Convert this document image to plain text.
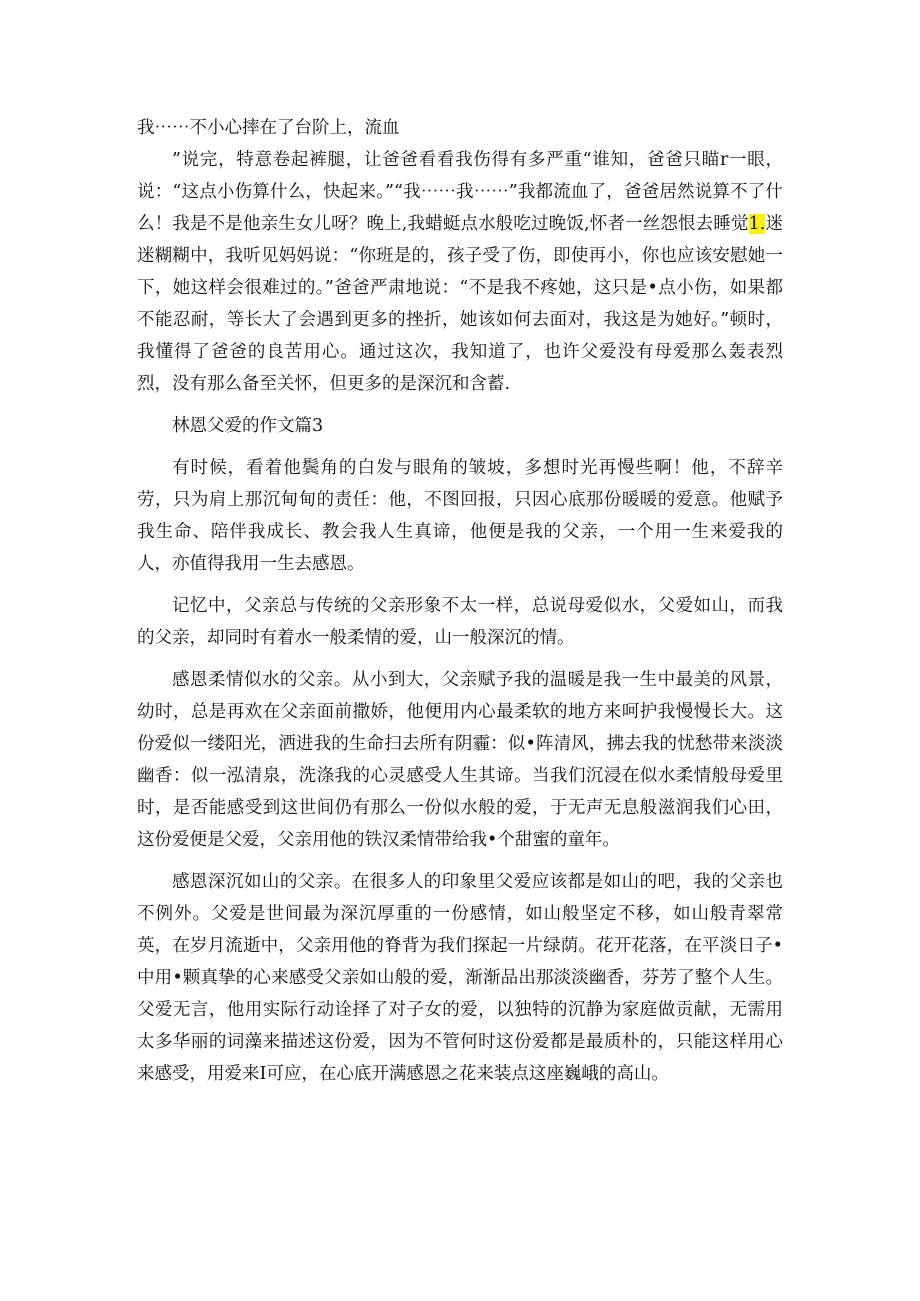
我⋯⋯不小心摔在了台阶上，流血

”说完，特意卷起裤腿，让爸爸看看我伤得有多严重“谁知，爸爸只瞄r一眼，说：“这点小伤算什么，快起来。”“我⋯⋯我⋯⋯”我都流血了，爸爸居然说算不了什么！我是不是他亲生女儿呀？晚上,我蜡蜓点水般吃过晚饭,怀者一丝怨恨去睡觉1.迷迷糊糊中，我听见妈妈说：“你班是的，孩子受了伤，即使再小，你也应该安慰她一下，她这样会很难过的。”爸爸严肃地说：“不是我不疼她，这只是•点小伤，如果都不能忍耐，等长大了会遇到更多的挫折，她该如何去面对，我这是为她好。”顿时，我懂得了爸爸的良苦用心。通过这次，我知道了，也许父爱没有母爱那么轰表烈烈，没有那么备至关怀，但更多的是深沉和含蓄.

林恩父爱的作文篇3

有时候，看着他鬓角的白发与眼角的皱坡，多想时光再慢些啊！他，不辞辛劳，只为肩上那沉甸甸的责任：他，不图回报，只因心底那份暖暖的爱意。他赋予我生命、陪伴我成长、教会我人生真谛，他便是我的父亲，一个用一生来爱我的人，亦值得我用一生去感恩。

记忆中，父亲总与传统的父亲形象不太一样，总说母爱似水，父爱如山，而我的父亲，却同时有着水一般柔情的爱，山一般深沉的情。

感恩柔情似水的父亲。从小到大，父亲赋予我的温暖是我一生中最美的风景，幼时，总是再欢在父亲面前撒娇，他便用内心最柔软的地方来呵护我慢慢长大。这份爱似一缕阳光，洒进我的生命扫去所有阴霾：似•阵清风，拂去我的忧愁带来淡淡幽香：似一泓清泉，洗涤我的心灵感受人生其谛。当我们沉浸在似水柔情般母爱里时，是否能感受到这世间仍有那么一份似水般的爱，于无声无息般滋润我们心田，这份爱便是父爱，父亲用他的铁汉柔情带给我•个甜蜜的童年。

感恩深沉如山的父亲。在很多人的印象里父爱应该都是如山的吧，我的父亲也不例外。父爱是世间最为深沉厚重的一份感情，如山般坚定不移，如山般青翠常英，在岁月流逝中，父亲用他的脊背为我们探起一片绿荫。花开花落，在平淡日子•中用•颗真挚的心来感受父亲如山般的爱，渐渐品出那淡淡幽香，芬芳了整个人生。父爱无言，他用实际行动诠择了对子女的爱，以独特的沉静为家庭做贡献，无需用太多华丽的词藻来描述这份爱，因为不管何时这份爱都是最质朴的，只能这样用心来感受，用爱来I可应，在心底开满感恩之花来装点这座巍峨的高山。
